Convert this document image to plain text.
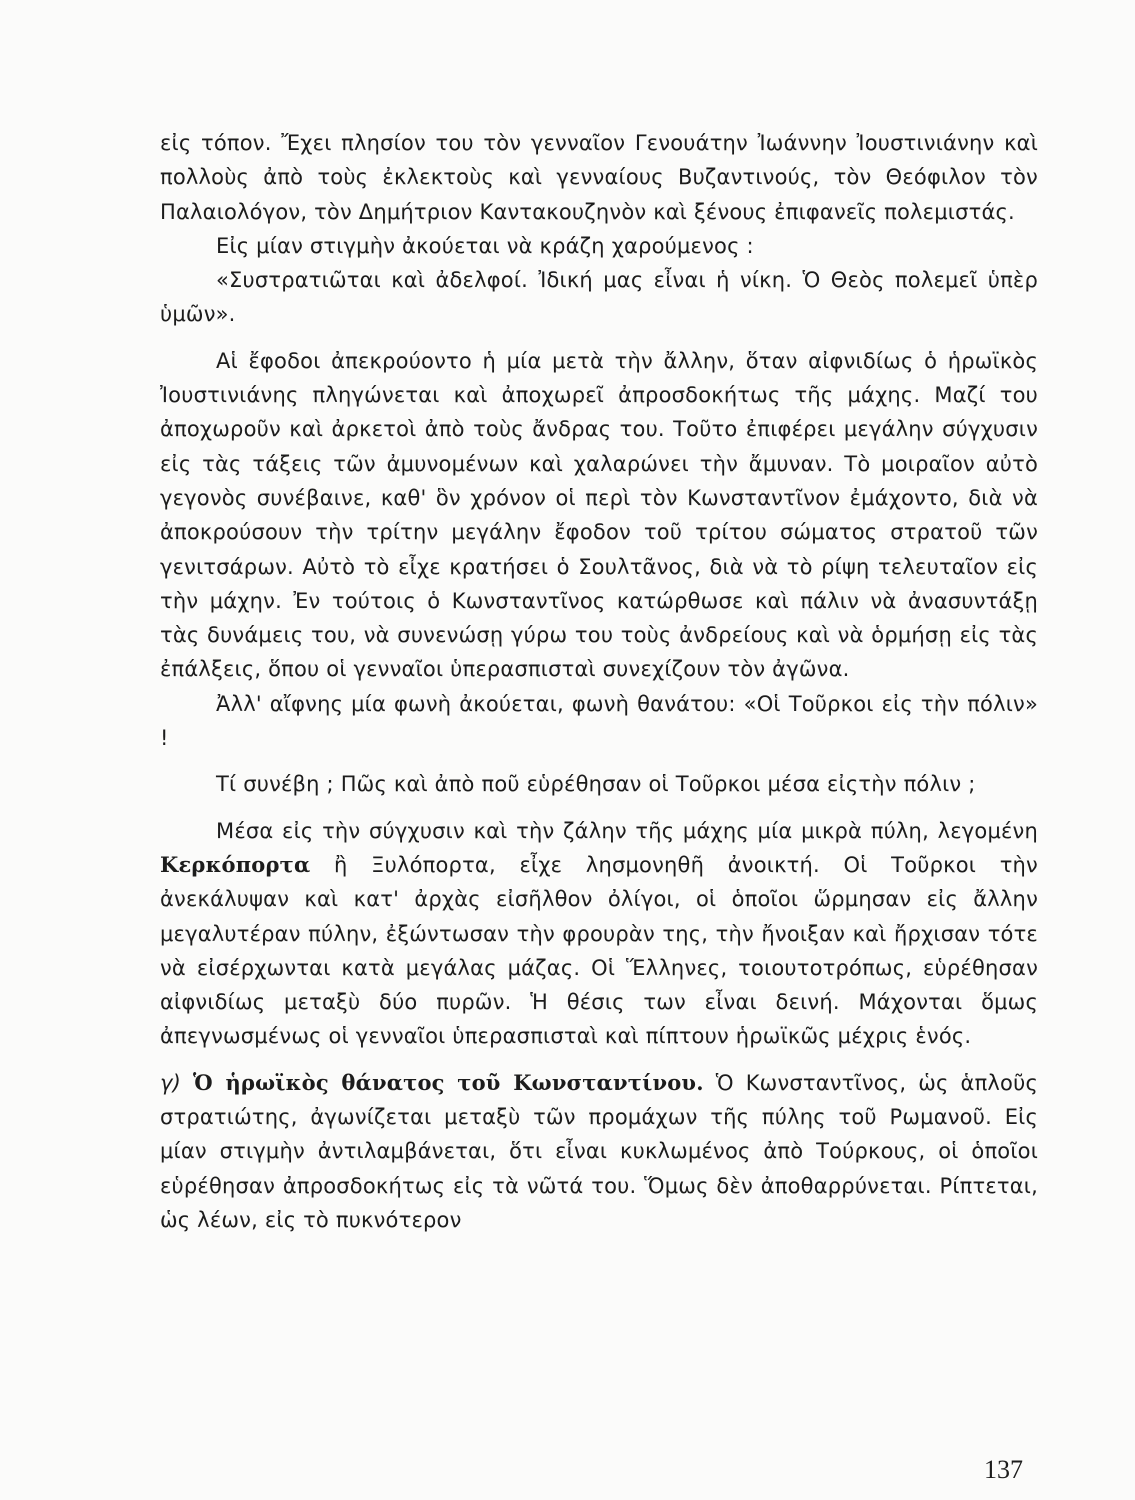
εἰς τόπον. Ἔχει πλησίον του τὸν γενναῖον Γενουάτην Ἰωάννην Ἰουστινιάνην καὶ πολλοὺς ἀπὸ τοὺς ἐκλεκτοὺς καὶ γενναίους Βυζαντινούς, τὸν Θεόφιλον τὸν Παλαιολόγον, τὸν Δημήτριον Καντακουζηνὸν καὶ ξένους ἐπιφανεῖς πολεμιστάς.

Εἰς μίαν στιγμὴν ἀκούεται νὰ κράζη χαρούμενος :

«Συστρατιῶται καὶ ἀδελφοί. Ἰδική μας εἶναι ἡ νίκη. Ὁ Θεὸς πολεμεῖ ὑπὲρ ὑμῶν».

Αἱ ἔφοδοι ἀπεκρούοντο ἡ μία μετὰ τὴν ἄλλην, ὅταν αἰφνιδίως ὁ ἡρωϊκὸς Ἰουστινιάνης πληγώνεται καὶ ἀποχωρεῖ ἀπροσδοκήτως τῆς μάχης. Μαζί του ἀποχωροῦν καὶ ἀρκετοὶ ἀπὸ τοὺς ἄνδρας του. Τοῦτο ἐπιφέρει μεγάλην σύγχυσιν εἰς τὰς τάξεις τῶν ἀμυνομένων καὶ χαλαρώνει τὴν ἄμυναν. Τὸ μοιραῖον αὐτὸ γεγονὸς συνέβαινε, καθ' ὃν χρόνον οἱ περὶ τὸν Κωνσταντῖνον ἐμάχοντο, διὰ νὰ ἀποκρούσουν τὴν τρίτην μεγάλην ἔφοδον τοῦ τρίτου σώματος στρατοῦ τῶν γενιτσάρων. Αὐτὸ τὸ εἶχε κρατήσει ὁ Σουλτᾶνος, διὰ νὰ τὸ ρίψη τελευταῖον εἰς τὴν μάχην. Ἐν τούτοις ὁ Κωνσταντῖνος κατώρθωσε καὶ πάλιν νὰ ἀνασυντάξῃ τὰς δυνάμεις του, νὰ συνενώσῃ γύρω του τοὺς ἀνδρείους καὶ νὰ ὁρμήσῃ εἰς τὰς ἐπάλξεις, ὅπου οἱ γενναῖοι ὑπερασπισταὶ συνεχίζουν τὸν ἀγῶνα.

Ἀλλ' αἴφνης μία φωνὴ ἀκούεται, φωνὴ θανάτου: «Οἱ Τοῦρκοι εἰς τὴν πόλιν» !

Τί συνέβη ; Πῶς καὶ ἀπὸ ποῦ εὑρέθησαν οἱ Τοῦρκοι μέσα εἰςτὴν πόλιν ;

Μέσα εἰς τὴν σύγχυσιν καὶ τὴν ζάλην τῆς μάχης μία μικρὰ πύλη, λεγομένη Κερκόπορτα ἢ Ξυλόπορτα, εἶχε λησμονηθῆ ἀνοικτή. Οἱ Τοῦρκοι τὴν ἀνεκάλυψαν καὶ κατ' ἀρχὰς εἰσῆλθον ὀλίγοι, οἱ ὁποῖοι ὥρμησαν εἰς ἄλλην μεγαλυτέραν πύλην, ἐξώντωσαν τὴν φρουρὰν της, τὴν ἤνοιξαν καὶ ἤρχισαν τότε νὰ εἰσέρχωνται κατὰ μεγάλας μάζας. Οἱ Ἕλληνες, τοιουτοτρόπως, εὑρέθησαν αἰφνιδίως μεταξὺ δύο πυρῶν. Ἡ θέσις των εἶναι δεινή. Μάχονται ὅμως ἀπεγνωσμένως οἱ γενναῖοι ὑπερασπισταὶ καὶ πίπτουν ἡρωϊκῶς μέχρις ἑνός.

γ) Ὁ ἡρωϊκὸς θάνατος τοῦ Κωνσταντίνου. Ὁ Κωνσταντῖνος, ὡς ἁπλοῦς στρατιώτης, ἀγωνίζεται μεταξὺ τῶν προμάχων τῆς πύλης τοῦ Ρωμανοῦ. Εἰς μίαν στιγμὴν ἀντιλαμβάνεται, ὅτι εἶναι κυκλωμένος ἀπὸ Τούρκους, οἱ ὁποῖοι εὑρέθησαν ἀπροσδοκήτως εἰς τὰ νῶτά του. Ὅμως δὲν ἀποθαρρύνεται. Ρίπτεται, ὡς λέων, εἰς τὸ πυκνότερον

137
